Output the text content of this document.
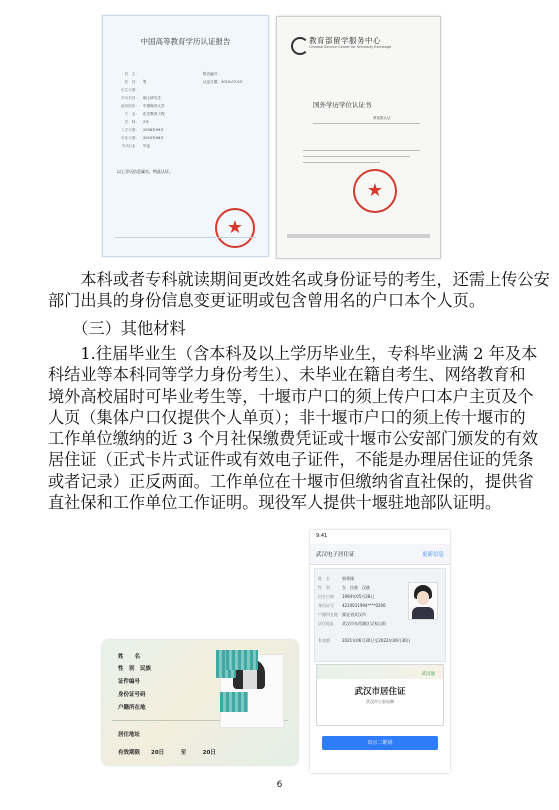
中国高等教育学历认证报告
姓　名：
性　别： 男
出生日期：
学历类别： 硕士研究生
就读院校： 中国海洋大学
专　业： 化学教育工程
学　制： 2年
入学日期： 2008年09月
毕业日期： 2010年06月
毕(结)业： 毕业
报告编号：
认证日期：2019-07-03
以上学历信息属实，特此认证。
★
教育部留学服务中心
Chinese Service Center for Scholarly Exchange
国外学历学位认证书
教留服认证
★
　　本科或者专科就读期间更改姓名或身份证号的考生，还需上传公安
部门出具的身份信息变更证明或包含曾用名的户口本个人页。
　　（三）其他材料
　　1.往届毕业生（含本科及以上学历毕业生，专科毕业满 2 年及本
科结业等本科同等学力身份考生）、未毕业在籍自考生、网络教育和
境外高校届时可毕业考生等，十堰市户口的须上传户口本户主页及个
人页（集体户口仅提供个人单页）；非十堰市户口的须上传十堰市的
工作单位缴纳的近 3 个月社保缴费凭证或十堰市公安部门颁发的有效
居住证（正式卡片式证件或有效电子证件，不能是办理居住证的凭条
或者记录）正反两面。工作单位在十堰市但缴纳省直社保的，提供省
直社保和工作单位工作证明。现役军人提供十堰驻地部队证明。
姓　　名
性　别　 民族
证件编号
身份证号码
户籍所在地
居住地址
有效期限　　 20日　　　至　　　20日
9:41
武汉电子居住证	更新信息
姓　名	郭勇刚
性　别	女　民族　汉族
出生日期 1994年05月28日
身份证号 4210011994****0206
户籍所在地 湖北省武汉市
居住地址 武汉市东西湖区吴家山街
有效期	2021年06月30日至2022年06月30日
武汉通
武汉市居住证
武汉市公安局制
出示二维码
6
